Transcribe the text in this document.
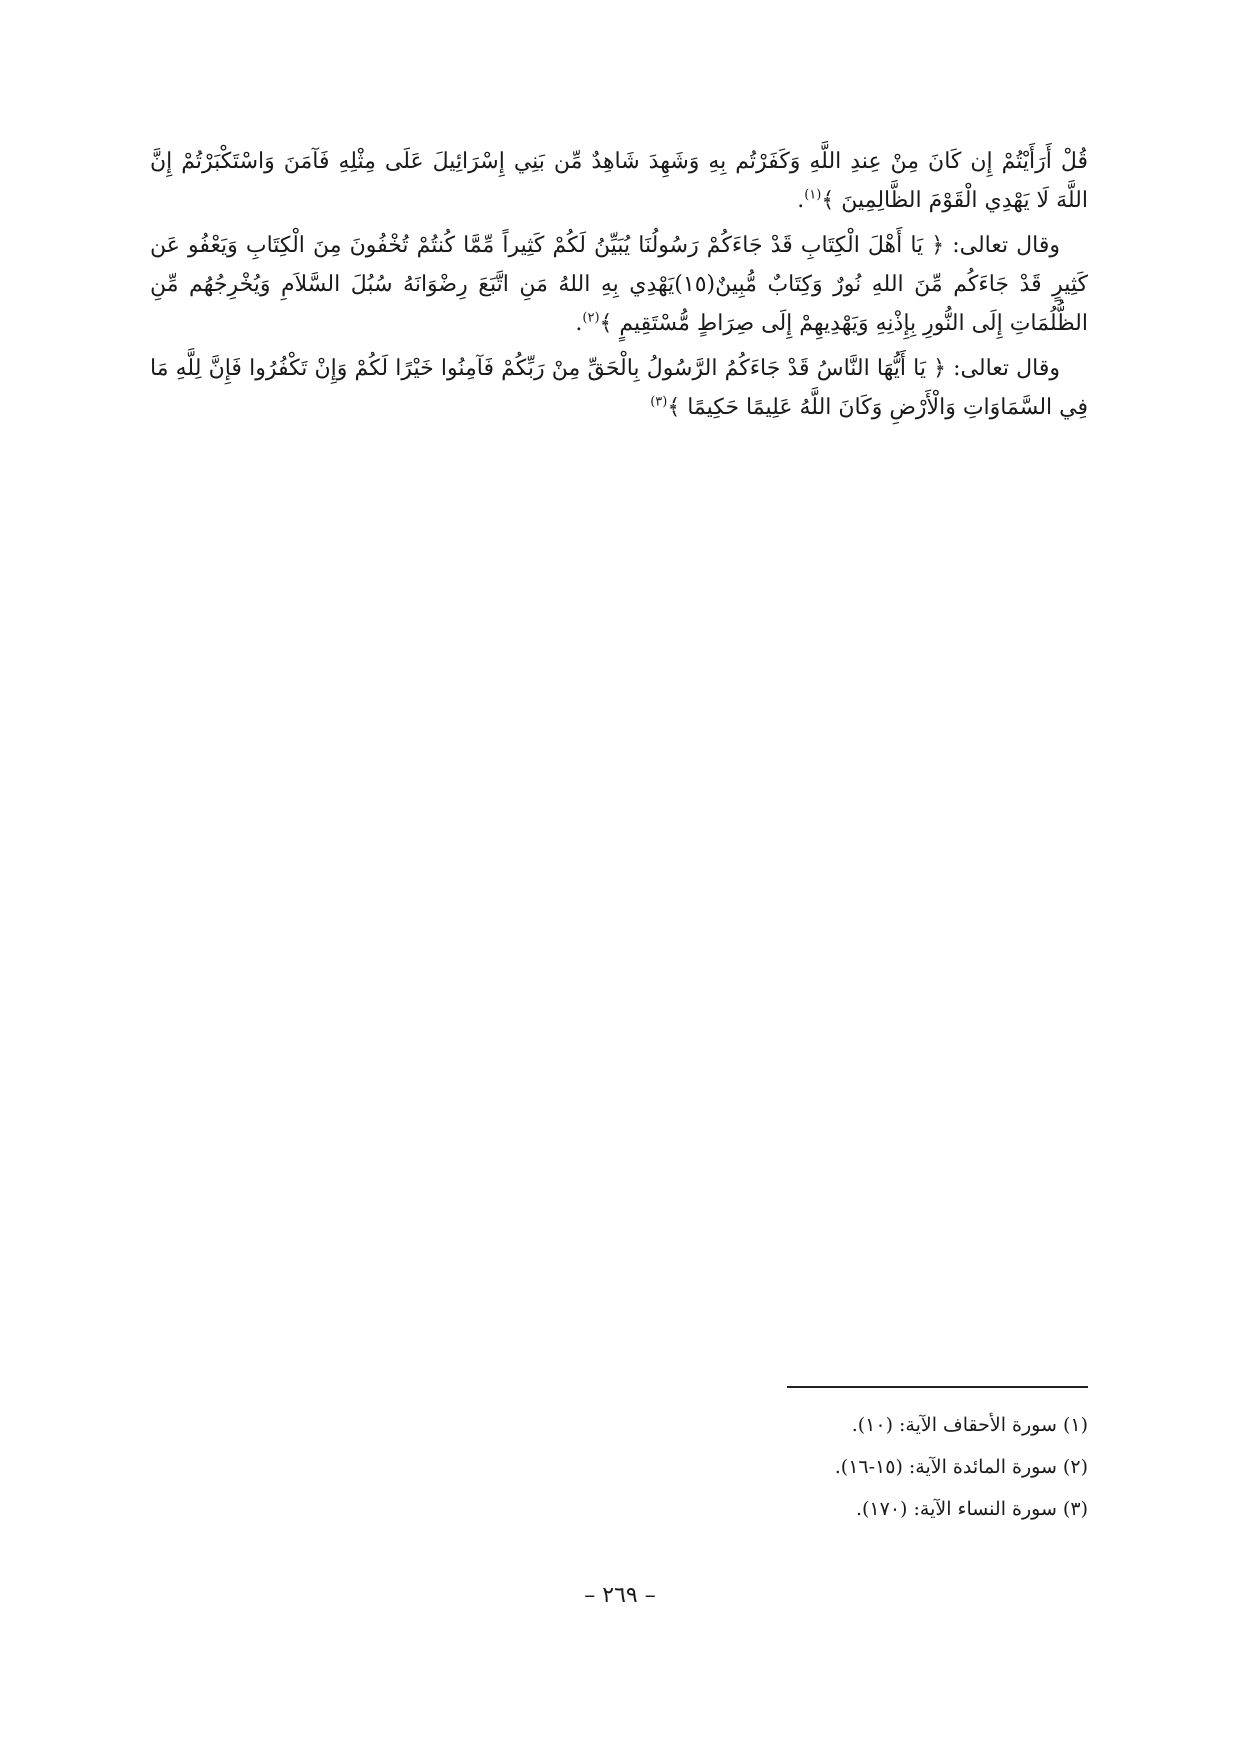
قُلْ أَرَأَيْتُمْ إِن كَانَ مِنْ عِندِ اللَّهِ وَكَفَرْتُم بِهِ وَشَهِدَ شَاهِدٌ مِّن بَنِي إِسْرَائِيلَ عَلَى مِثْلِهِ فَآمَنَ وَاسْتَكْبَرْتُمْ إِنَّ اللَّهَ لَا يَهْدِي الْقَوْمَ الظَّالِمِينَ ﴾$^{(١)}$.

وقال تعالى: ﴿ يَا أَهْلَ الْكِتَابِ قَدْ جَاءَكُمْ رَسُولُنَا يُبَيِّنُ لَكُمْ كَثِيراً مِّمَّا كُنتُمْ تُخْفُونَ مِنَ الْكِتَابِ وَيَعْفُو عَن كَثِيرٍ قَدْ جَاءَكُم مِّنَ اللهِ نُورٌ وَكِتَابٌ مُّبِينٌ(١٥)يَهْدِي بِهِ اللهُ مَنِ اتَّبَعَ رِضْوَانَهُ سُبُلَ السَّلاَمِ وَيُخْرِجُهُم مِّنِ الظُّلُمَاتِ إِلَى النُّورِ بِإِذْنِهِ وَيَهْدِيهِمْ إِلَى صِرَاطٍ مُّسْتَقِيمٍ ﴾$^{(٢)}$.

وقال تعالى: ﴿ يَا أَيُّهَا النَّاسُ قَدْ جَاءَكُمُ الرَّسُولُ بِالْحَقِّ مِنْ رَبِّكُمْ فَآمِنُوا خَيْرًا لَكُمْ وَإِنْ تَكْفُرُوا فَإِنَّ لِلَّهِ مَا فِي السَّمَاوَاتِ وَالْأَرْضِ وَكَانَ اللَّهُ عَلِيمًا حَكِيمًا ﴾$^{(٣)}$

(١) سورة الأحقاف الآية: (١٠).

(٢) سورة المائدة الآية: (١٥-١٦).

(٣) سورة النساء الآية: (١٧٠).

– ٢٦٩ –
